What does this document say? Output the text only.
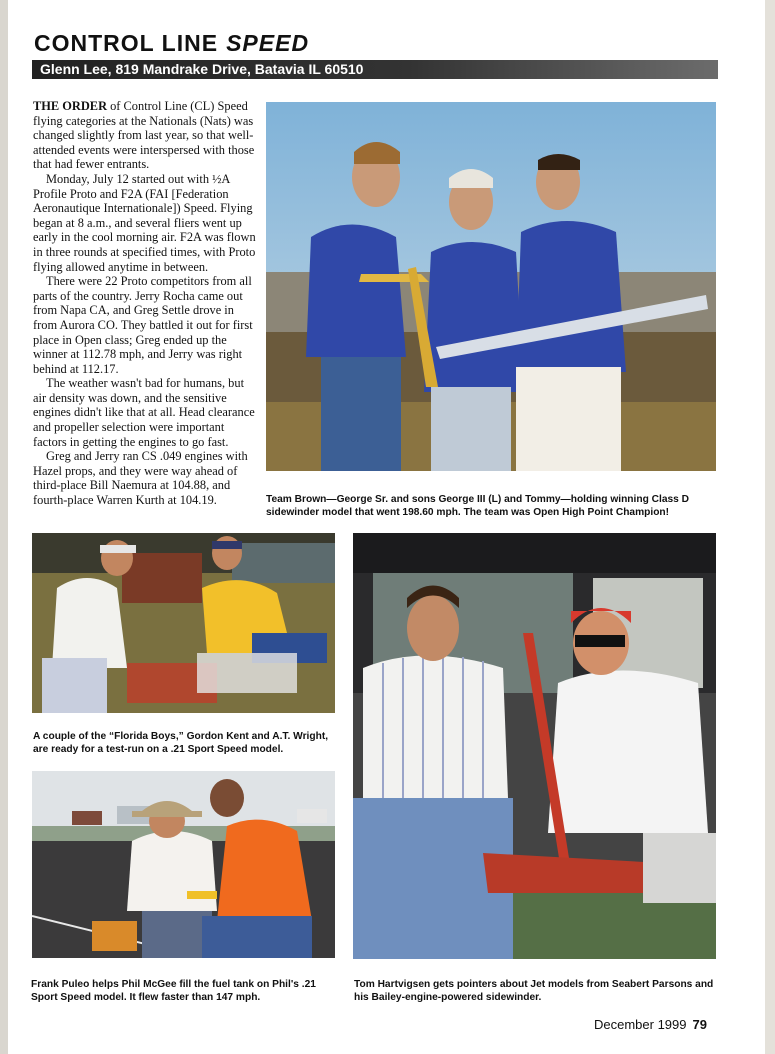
CONTROL LINE SPEED
Glenn Lee, 819 Mandrake Drive, Batavia IL 60510

THE ORDER of Control Line (CL) Speed flying categories at the Nationals (Nats) was changed slightly from last year, so that well-attended events were interspersed with those that had fewer entrants.

Monday, July 12 started out with ½A Profile Proto and F2A (FAI [Federation Aeronautique Internationale]) Speed. Flying began at 8 a.m., and several fliers went up early in the cool morning air. F2A was flown in three rounds at specified times, with Proto flying allowed anytime in between.

There were 22 Proto competitors from all parts of the country. Jerry Rocha came out from Napa CA, and Greg Settle drove in from Aurora CO. They battled it out for first place in Open class; Greg ended up the winner at 112.78 mph, and Jerry was right behind at 112.17.

The weather wasn't bad for humans, but air density was down, and the sensitive engines didn't like that at all. Head clearance and propeller selection were important factors in getting the engines to go fast.

Greg and Jerry ran CS .049 engines with Hazel props, and they were way ahead of third-place Bill Naemura at 104.88, and fourth-place Warren Kurth at 104.19.	Team Brown—George Sr. and sons George III (L) and Tommy—holding winning Class D sidewinder model that went 198.60 mph. The team was Open High Point Champion!
A couple of the “Florida Boys,” Gordon Kent and A.T. Wright, are ready for a test-run on a .21 Sport Speed model.
Frank Puleo helps Phil McGee fill the fuel tank on Phil's .21 Sport Speed model. It flew faster than 147 mph.
Tom Hartvigsen gets pointers about Jet models from Seabert Parsons and his Bailey-engine-powered sidewinder.
December 1999 79
